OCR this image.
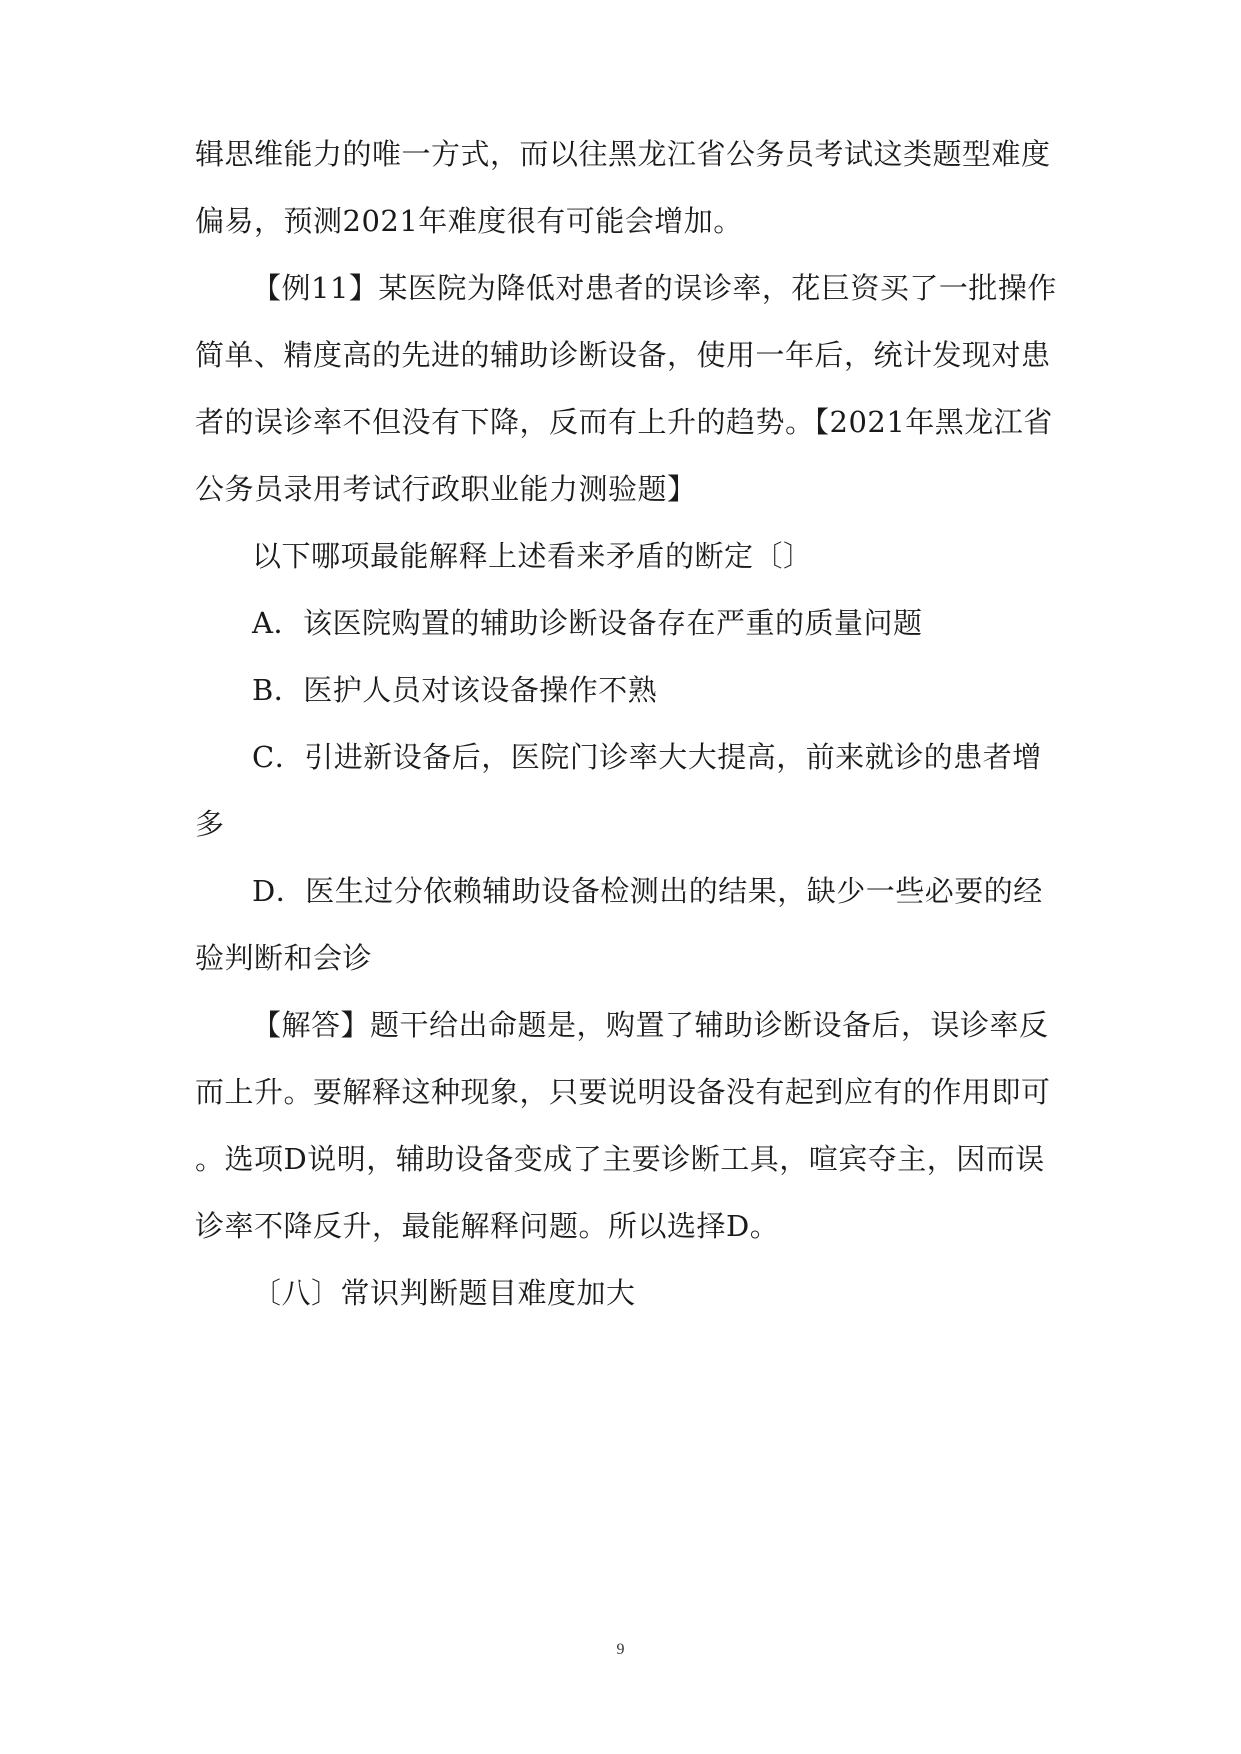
辑思维能力的唯一方式，而以往黑龙江省公务员考试这类题型难度
偏易，预测2021年难度很有可能会增加。
【例11】某医院为降低对患者的误诊率，花巨资买了一批操作
简单、精度高的先进的辅助诊断设备，使用一年后，统计发现对患
者的误诊率不但没有下降，反而有上升的趋势。【2021年黑龙江省
公务员录用考试行政职业能力测验题】
以下哪项最能解释上述看来矛盾的断定〔〕
A．该医院购置的辅助诊断设备存在严重的质量问题
B．医护人员对该设备操作不熟
C．引进新设备后，医院门诊率大大提高，前来就诊的患者增
多
D．医生过分依赖辅助设备检测出的结果，缺少一些必要的经
验判断和会诊
【解答】题干给出命题是，购置了辅助诊断设备后，误诊率反
而上升。要解释这种现象，只要说明设备没有起到应有的作用即可
。选项D说明，辅助设备变成了主要诊断工具，喧宾夺主，因而误
诊率不降反升，最能解释问题。所以选择D。
〔八〕常识判断题目难度加大
9
